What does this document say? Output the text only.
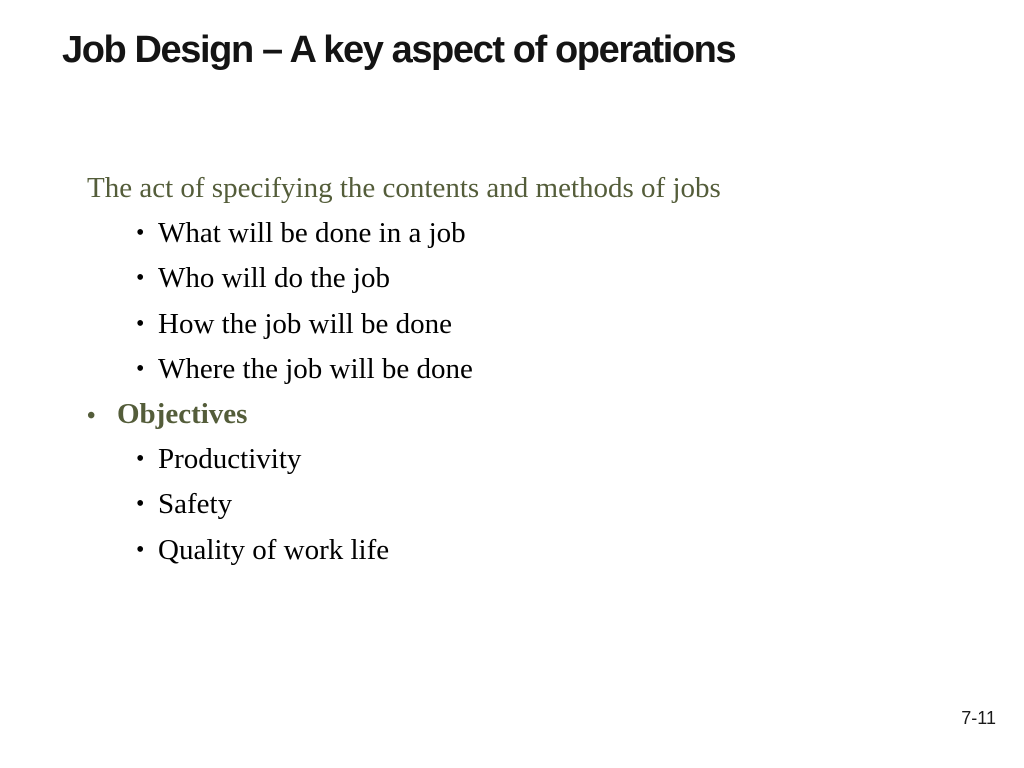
Job Design – A key aspect of operations
The act of specifying the contents and methods of jobs
• What will be done in a job
• Who will do the job
• How the job will be done
• Where the job will be done
• Objectives
• Productivity
• Safety
• Quality of work life
7-11
